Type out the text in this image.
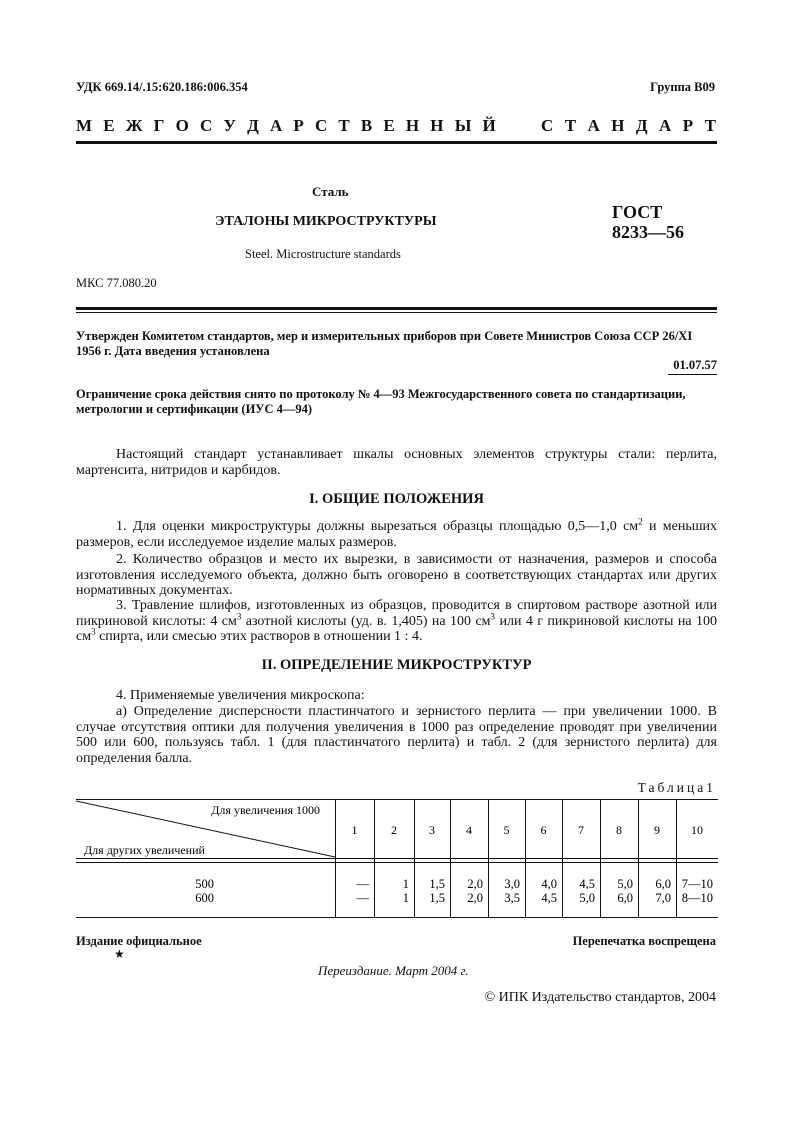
УДК 669.14/.15:620.186:006.354	Группа В09
М Е Ж Г О С У Д А Р С Т В Е Н Н Ы Й	С Т А Н Д А Р Т
Сталь
ЭТАЛОНЫ МИКРОСТРУКТУРЫ
Steel. Microstructure standards
ГОСТ
8233—56
МКС 77.080.20
Утвержден Комитетом стандартов, мер и измерительных приборов при Совете Министров Союза ССР 26/XI 1956 г. Дата введения установлена
01.07.57
Ограничение срока действия снято по протоколу № 4—93 Межгосударственного совета по стандартизации, метрологии и сертификации (ИУС 4—94)
Настоящий стандарт устанавливает шкалы основных элементов структуры стали: перлита, мартенсита, нитридов и карбидов.
I. ОБЩИЕ ПОЛОЖЕНИЯ
1. Для оценки микроструктуры должны вырезаться образцы площадью 0,5—1,0 $см^2$ и меньших размеров, если исследуемое изделие малых размеров.
2. Количество образцов и место их вырезки, в зависимости от назначения, размеров и способа изготовления исследуемого объекта, должно быть оговорено в соответствующих стандартах или других нормативных документах.
3. Травление шлифов, изготовленных из образцов, проводится в спиртовом растворе азотной или пикриновой кислоты: 4 $см^3$ азотной кислоты (уд. в. 1,405) на 100 $см^3$ или 4 г пикриновой кислоты на 100 $см^3$ спирта, или смесью этих растворов в отношении 1 : 4.
II. ОПРЕДЕЛЕНИЕ МИКРОСТРУКТУР
4. Применяемые увеличения микроскопа:
а) Определение дисперсности пластинчатого и зернистого перлита — при увеличении 1000. В случае отсутствия оптики для получения увеличения в 1000 раз определение проводят при увеличении 500 или 600, пользуясь табл. 1 (для пластинчатого перлита) и табл. 2 (для зернистого перлита) для определения балла.
Таблица1
Для увеличения 1000
Для других увеличений
1	2	3	4	5	6	7	8	9	10
500	—	1 1,5 2,0 3,0 4,0 4,5 5,0 6,0 7—10
600	—	1 1,5 2,0 3,5 4,5 5,0 6,0 7,0 8—10
Издание официальное	Перепечатка воспрещена
★
Переиздание. Март 2004 г.
© ИПК Издательство стандартов, 2004
